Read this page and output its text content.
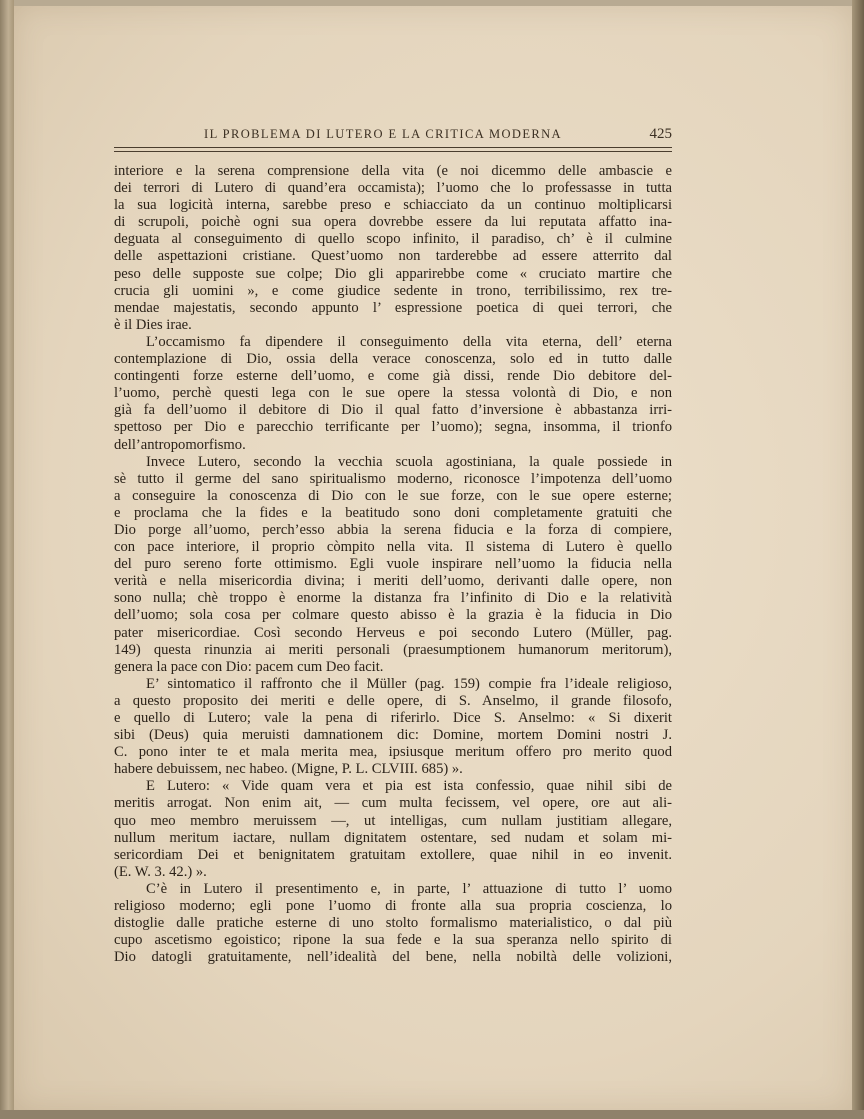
IL PROBLEMA DI LUTERO E LA CRITICA MODERNA	425
interiore e la serena comprensione della vita (e noi dicemmo delle ambascie e
dei terrori di Lutero di quand’era occamista); l’uomo che lo professasse in tutta
la sua logicità interna, sarebbe preso e schiacciato da un continuo moltiplicarsi
di scrupoli, poichè ogni sua opera dovrebbe essere da lui reputata affatto ina-
deguata al conseguimento di quello scopo infinito, il paradiso, ch’ è il culmine
delle aspettazioni cristiane. Quest’uomo non tarderebbe ad essere atterrito dal
peso delle supposte sue colpe; Dio gli apparirebbe come « cruciato martire che
crucia gli uomini », e come giudice sedente in trono, terribilissimo, rex tre-
mendae majestatis, secondo appunto l’ espressione poetica di quei terrori, che
è il Dies irae.
L’occamismo fa dipendere il conseguimento della vita eterna, dell’ eterna
contemplazione di Dio, ossia della verace conoscenza, solo ed in tutto dalle
contingenti forze esterne dell’uomo, e come già dissi, rende Dio debitore del-
l’uomo, perchè questi lega con le sue opere la stessa volontà di Dio, e non
già fa dell’uomo il debitore di Dio il qual fatto d’inversione è abbastanza irri-
spettoso per Dio e parecchio terrificante per l’uomo); segna, insomma, il trionfo
dell’antropomorfismo.
Invece Lutero, secondo la vecchia scuola agostiniana, la quale possiede in
sè tutto il germe del sano spiritualismo moderno, riconosce l’impotenza dell’uomo
a conseguire la conoscenza di Dio con le sue forze, con le sue opere esterne;
e proclama che la fides e la beatitudo sono doni completamente gratuiti che
Dio porge all’uomo, perch’esso abbia la serena fiducia e la forza di compiere,
con pace interiore, il proprio còmpito nella vita. Il sistema di Lutero è quello
del puro sereno forte ottimismo. Egli vuole inspirare nell’uomo la fiducia nella
verità e nella misericordia divina; i meriti dell’uomo, derivanti dalle opere, non
sono nulla; chè troppo è enorme la distanza fra l’infinito di Dio e la relatività
dell’uomo; sola cosa per colmare questo abisso è la grazia è la fiducia in Dio
pater misericordiae. Così secondo Herveus e poi secondo Lutero (Müller, pag.
149) questa rinunzia ai meriti personali (praesumptionem humanorum meritorum),
genera la pace con Dio: pacem cum Deo facit.
E’ sintomatico il raffronto che il Müller (pag. 159) compie fra l’ideale religioso,
a questo proposito dei meriti e delle opere, di S. Anselmo, il grande filosofo,
e quello di Lutero; vale la pena di riferirlo. Dice S. Anselmo: « Si dixerit
sibi (Deus) quia meruisti damnationem dic: Domine, mortem Domini nostri J.
C. pono inter te et mala merita mea, ipsiusque meritum offero pro merito quod
habere debuissem, nec habeo. (Migne, P. L. CLVIII. 685) ».
E Lutero: « Vide quam vera et pia est ista confessio, quae nihil sibi de
meritis arrogat. Non enim ait, — cum multa fecissem, vel opere, ore aut ali-
quo meo membro meruissem —, ut intelligas, cum nullam justitiam allegare,
nullum meritum iactare, nullam dignitatem ostentare, sed nudam et solam mi-
sericordiam Dei et benignitatem gratuitam extollere, quae nihil in eo invenit.
(E. W. 3. 42.) ».
C’è in Lutero il presentimento e, in parte, l’ attuazione di tutto l’ uomo
religioso moderno; egli pone l’uomo di fronte alla sua propria coscienza, lo
distoglie dalle pratiche esterne di uno stolto formalismo materialistico, o dal più
cupo ascetismo egoistico; ripone la sua fede e la sua speranza nello spirito di
Dio datogli gratuitamente, nell’idealità del bene, nella nobiltà delle volizioni,
